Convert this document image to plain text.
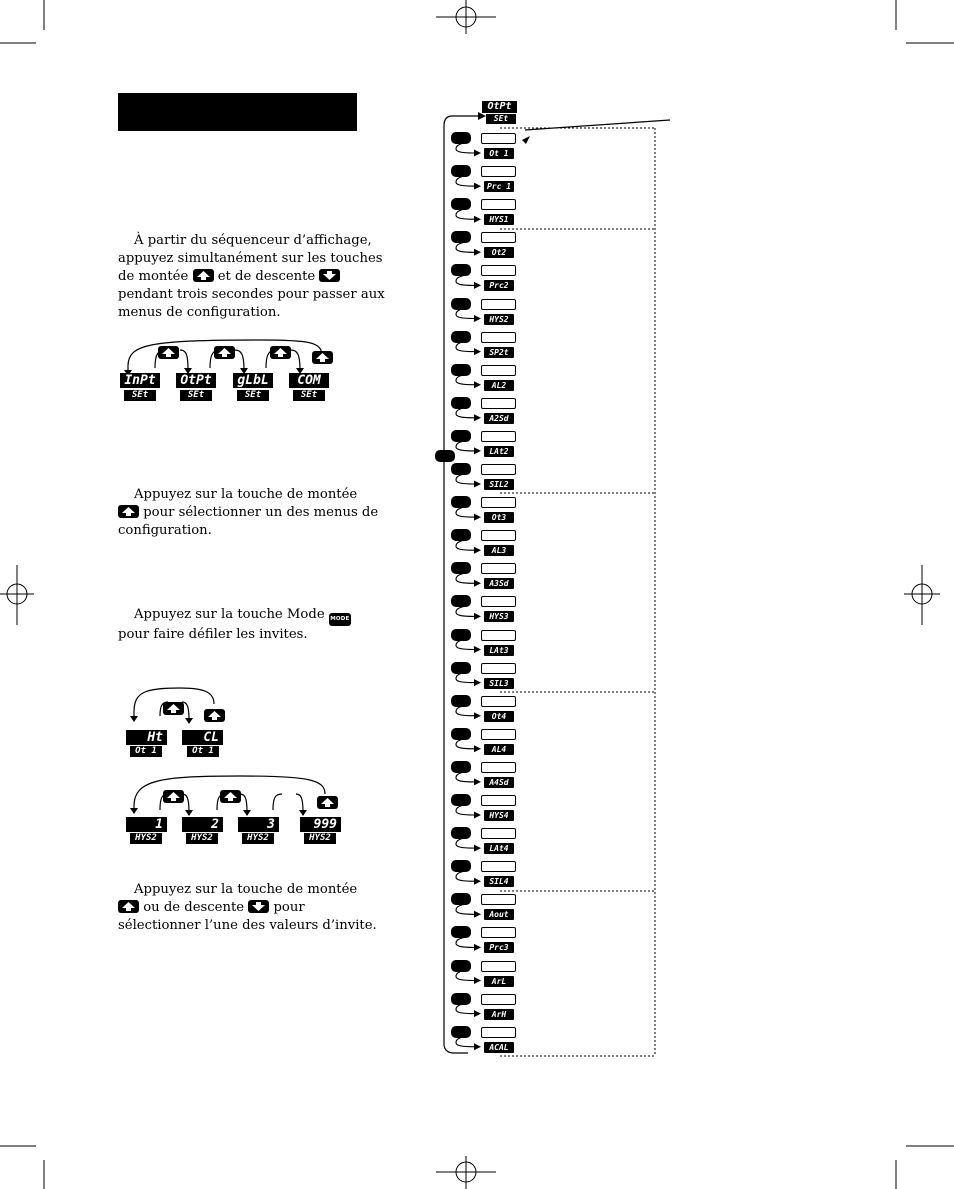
À partir du séquenceur d’affichage, appuyez simultanément sur les touches de montée et de descente
pendant trois secondes pour passer aux menus de configuration.
InPt
SEt
OtPt
SEt
gLbL
SEt
COM
SEt
Appuyez sur la touche de montée

pour sélectionner un des menus de configuration.
Appuyez sur la touche Mode MODE
pour faire défiler les invites.
Ht
Ot 1
CL
Ot 1
1
HYS2
2
HYS2
3
HYS2
999
HYS2
Appuyez sur la touche de montée

ou de descente pour
sélectionner l’une des valeurs d’invite.
OtPt
SEt
Ot 1
Prc 1
HYS1
Ot2
Prc2
HYS2
SP2t
AL2
A2Sd
LAt2
SIL2
Ot3
AL3
A3Sd
HYS3
LAt3
SIL3
Ot4
AL4
A4Sd
HYS4
LAt4
SIL4
Aout
Prc3
ArL
ArH
ACAL
